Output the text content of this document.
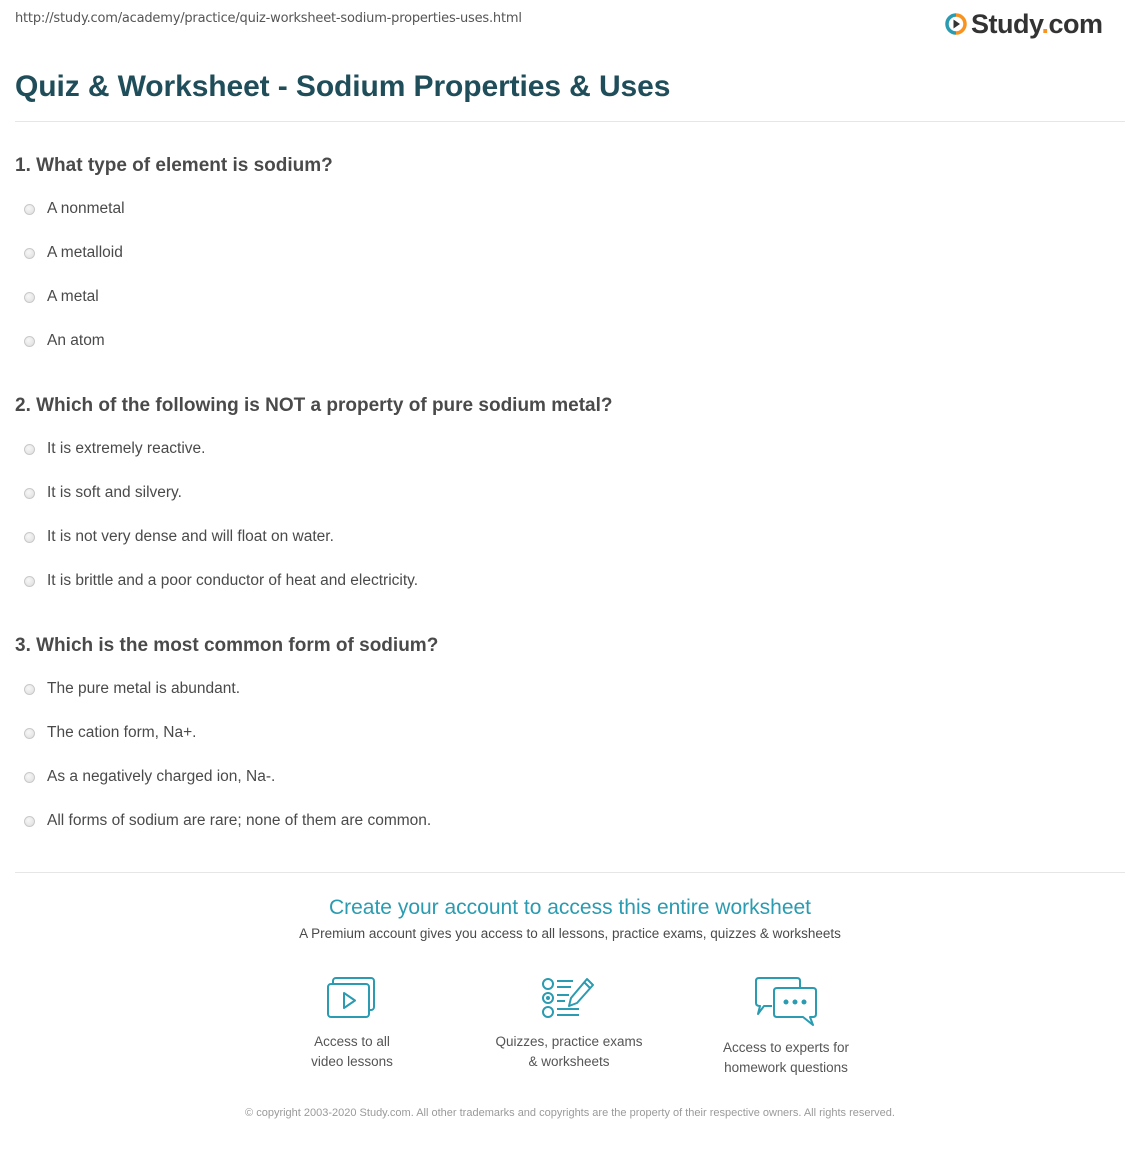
http://study.com/academy/practice/quiz-worksheet-sodium-properties-uses.html	Study.com
Quiz & Worksheet - Sodium Properties & Uses
1. What type of element is sodium?
A nonmetal
A metalloid
A metal
An atom
2. Which of the following is NOT a property of pure sodium metal?
It is extremely reactive.
It is soft and silvery.
It is not very dense and will float on water.
It is brittle and a poor conductor of heat and electricity.
3. Which is the most common form of sodium?
The pure metal is abundant.
The cation form, Na+.
As a negatively charged ion, Na-.
All forms of sodium are rare; none of them are common.
Create your account to access this entire worksheet
A Premium account gives you access to all lessons, practice exams, quizzes & worksheets
Access to all
video lessons
Quizzes, practice exams
& worksheets
Access to experts for
homework questions
© copyright 2003-2020 Study.com. All other trademarks and copyrights are the property of their respective owners. All rights reserved.
